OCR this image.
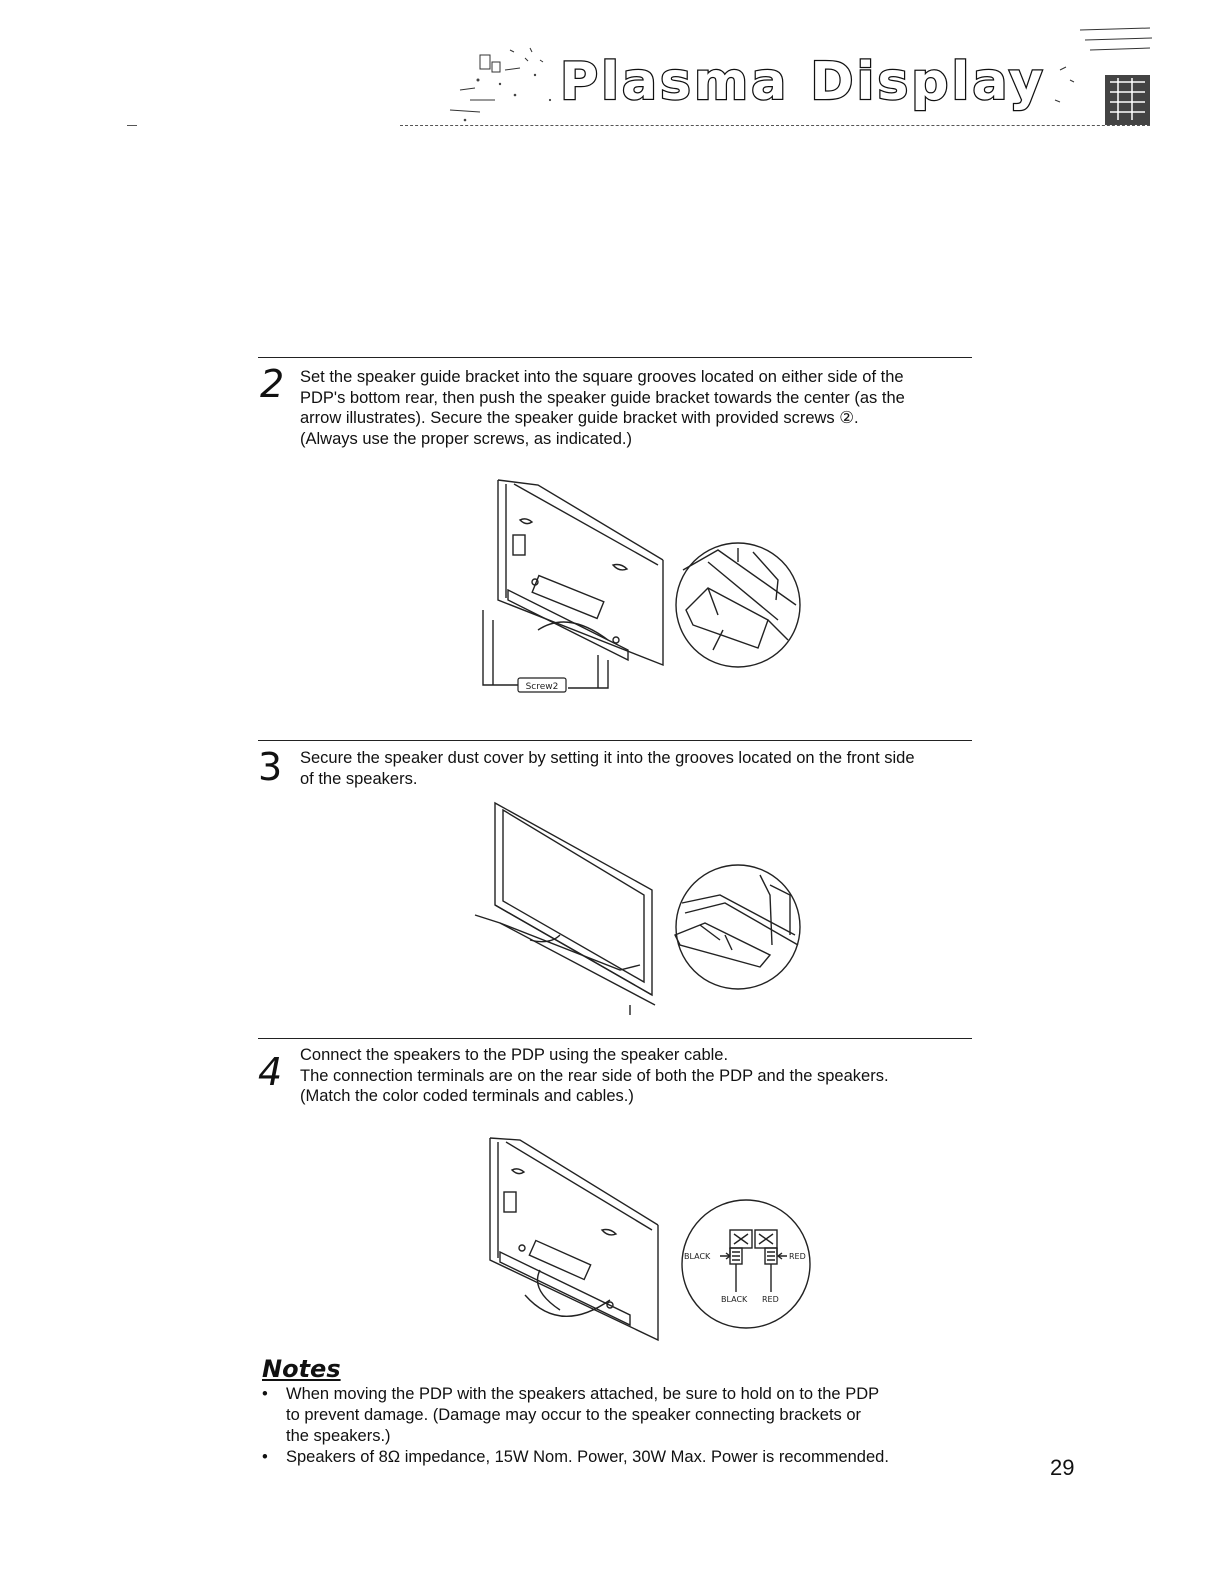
Plasma Display
2 Set the speaker guide bracket into the square grooves located on either side of the
PDP's bottom rear, then push the speaker guide bracket towards the center (as the
arrow illustrates). Secure the speaker guide bracket with provided screws ②.
(Always use the proper screws, as indicated.)
Screw2
3 Secure the speaker dust cover by setting it into the grooves located on the front side
of the speakers.
4 Connect the speakers to the PDP using the speaker cable.
The connection terminals are on the rear side of both the PDP and the speakers.
(Match the color coded terminals and cables.)
BLACK	RED
BLACK RED
Notes
• When moving the PDP with the speakers attached, be sure to hold on to the PDP
to prevent damage. (Damage may occur to the speaker connecting brackets or
the speakers.)
• Speakers of 8Ω impedance, 15W Nom. Power, 30W Max. Power is recommended.	29
